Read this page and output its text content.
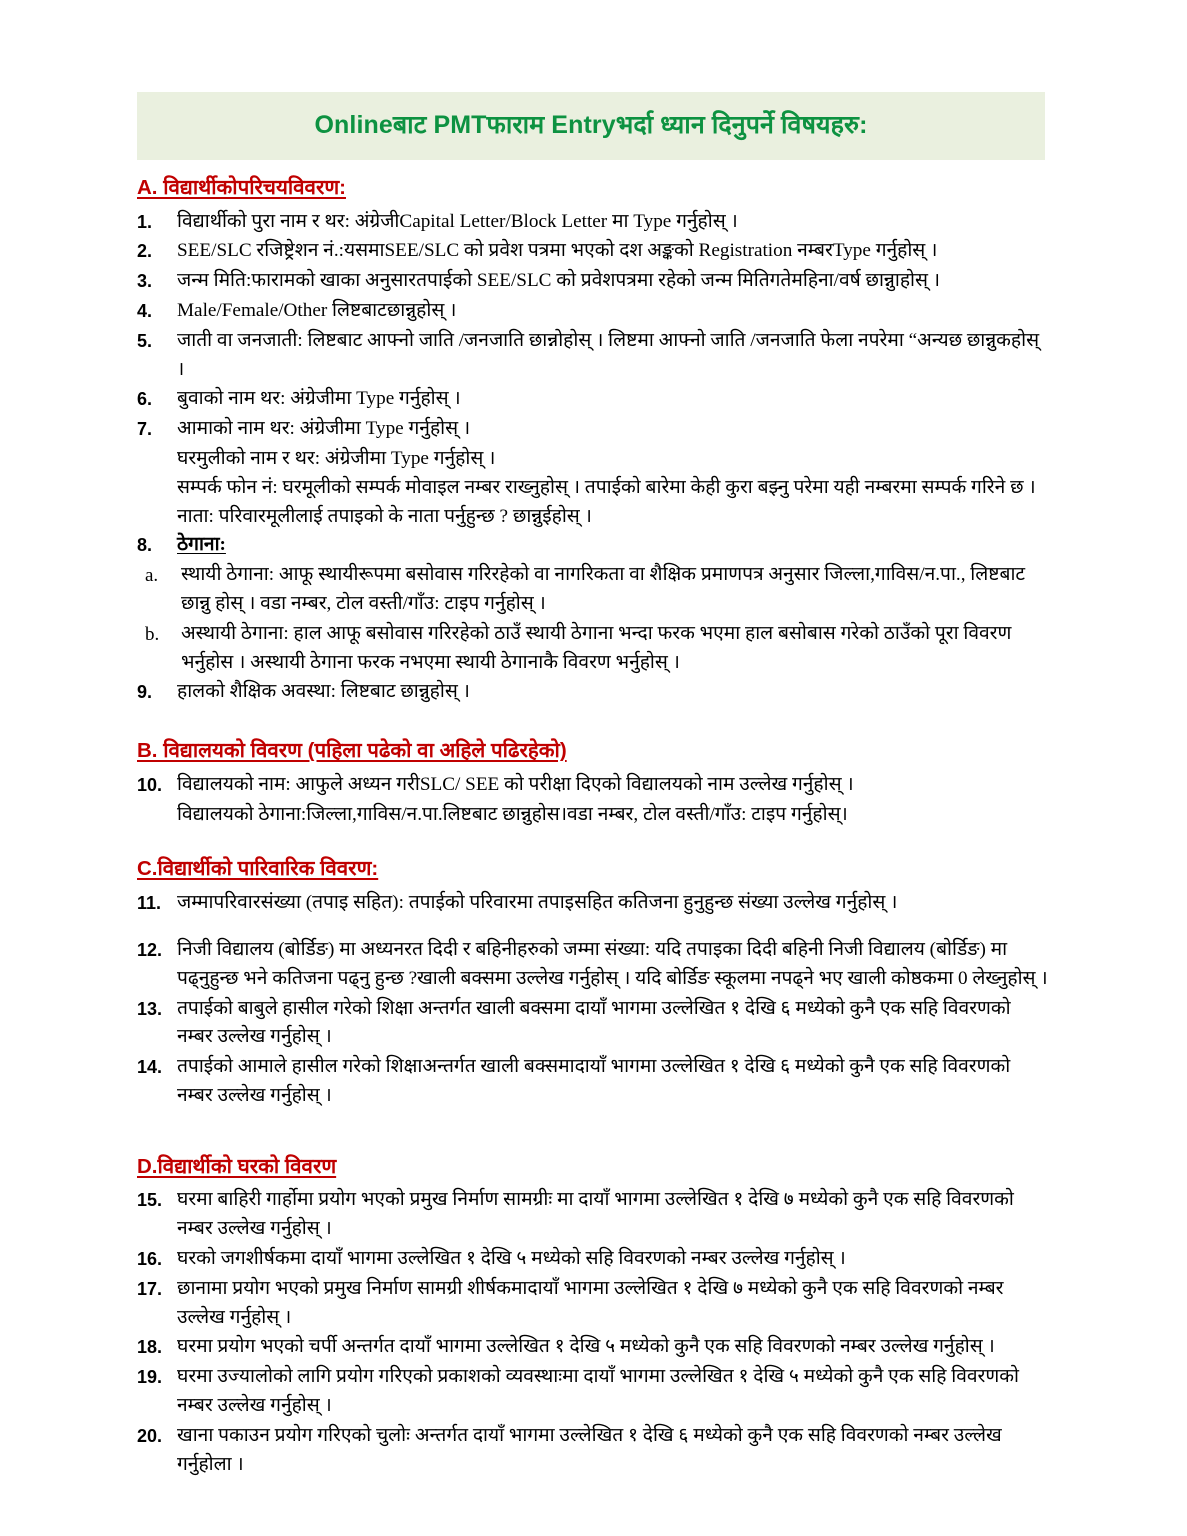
Onlineबाट PMTफाराम Entryभर्दा ध्यान दिनुपर्ने विषयहरु:
A. विद्यार्थीकोपरिचयविवरण:
1.	विद्यार्थीको पुरा नाम र थर: अंग्रेजीCapital Letter/Block Letter मा Type गर्नुहोस् ।
2.	SEE/SLC रजिष्ट्रेशन नं.:यसमाSEE/SLC को प्रवेश पत्रमा भएको दश अङ्कको Registration नम्बरType गर्नुहोस् ।
3.	जन्म मिति:फारामको खाका अनुसारतपाईको SEE/SLC को प्रवेशपत्रमा रहेको जन्म मितिगतेमहिना/वर्ष छान्नुाहोस् ।
4.	Male/Female/Other लिष्टबाटछान्नुहोस् ।
5.	जाती वा जनजाती: लिष्टबाट आफ्नो जाति /जनजाति छान्नोहोस् । लिष्टमा आफ्नो जाति /जनजाति फेला नपरेमा “अन्यछ छान्नुकहोस् ।
6.	बुवाको नाम थर: अंग्रेजीमा Type गर्नुहोस् ।
7.	आमाको नाम थर: अंग्रेजीमा Type गर्नुहोस् ।
घरमुलीको नाम र थर: अंग्रेजीमा Type गर्नुहोस् ।
सम्पर्क फोन नं: घरमूलीको सम्पर्क मोवाइल नम्बर राख्नुहोस् । तपाईको बारेमा केही कुरा बझ्नु परेमा यही नम्बरमा सम्पर्क गरिने छ ।
नाता: परिवारमूलीलाई तपाइको के नाता पर्नुहुन्छ ? छान्नुईहोस् ।
8.	ठेगाना:
a.	स्थायी ठेगाना: आफू स्थायीरूपमा बसोवास गरिरहेको वा नागरिकता वा शैक्षिक प्रमाणपत्र अनुसार जिल्ला,गाविस/न.पा., लिष्टबाट छान्नु होस् । वडा नम्बर, टोल वस्ती/गाँउ: टाइप गर्नुहोस् ।
b.	अस्थायी ठेगाना: हाल आफू बसोवास गरिरहेको ठाउँ स्थायी ठेगाना भन्दा फरक भएमा हाल बसोबास गरेको ठाउँको पूरा विवरण भर्नुहोस । अस्थायी ठेगाना फरक नभएमा स्थायी ठेगानाकै विवरण भर्नुहोस् ।
9.	हालको शैक्षिक अवस्था: लिष्टबाट छान्नुहोस् ।
B. विद्यालयको विवरण (पहिला पढेको वा अहिले पढिरहेको)
10. विद्यालयको नाम: आफुले अध्यन गरीSLC/ SEE को परीक्षा दिएको विद्यालयको नाम उल्लेख गर्नुहोस् ।
विद्यालयको ठेगाना:जिल्ला,गाविस/न.पा.लिष्टबाट छान्नुहोस।वडा नम्बर, टोल वस्ती/गाँउ: टाइप गर्नुहोस्।
C.विद्यार्थीको पारिवारिक विवरण:
11. जम्मापरिवारसंख्या (तपाइ सहित): तपाईको परिवारमा तपाइसहित कतिजना हुनुहुन्छ संख्या उल्लेख गर्नुहोस् ।
12. निजी विद्यालय (बोर्डिङ) मा अध्यनरत दिदी र बहिनीहरुको जम्मा संख्या: यदि तपाइका दिदी बहिनी निजी विद्यालय (बोर्डिङ) मा पढ्नुहुन्छ भने कतिजना पढ्नु हुन्छ ?खाली बक्समा उल्लेख गर्नुहोस् । यदि बोर्डिङ स्कूलमा नपढ्ने भए खाली कोष्ठकमा 0 लेख्नुहोस् ।
13. तपाईको बाबुले हासील गरेको शिक्षा अन्तर्गत खाली बक्समा दायाँ भागमा उल्लेखित १ देखि ६ मध्येको कुनै एक सहि विवरणको नम्बर उल्लेख गर्नुहोस् ।
14. तपाईको आमाले हासील गरेको शिक्षाअन्तर्गत खाली बक्समादायाँ भागमा उल्लेखित १ देखि ६ मध्येको कुनै एक सहि विवरणको नम्बर उल्लेख गर्नुहोस् ।
D.विद्यार्थीको घरको विवरण
15. घरमा बाहिरी गार्हाेमा प्रयोग भएको प्रमुख निर्माण सामग्रीः मा दायाँ भागमा उल्लेखित १ देखि ७ मध्येको कुनै एक सहि विवरणको नम्बर उल्लेख गर्नुहोस् ।
16. घरको जगशीर्षकमा दायाँ भागमा उल्लेखित १ देखि ५ मध्येको सहि विवरणको नम्बर उल्लेख गर्नुहोस् ।
17. छानामा प्रयोग भएको प्रमुख निर्माण सामग्री शीर्षकमादायाँ भागमा उल्लेखित १ देखि ७ मध्येको कुनै एक सहि विवरणको नम्बर उल्लेख गर्नुहोस् ।
18. घरमा प्रयोग भएको चर्पी अन्तर्गत दायाँ भागमा उल्लेखित १ देखि ५ मध्येको कुनै एक सहि विवरणको नम्बर उल्लेख गर्नुहोस् ।
19. घरमा उज्यालोको लागि प्रयोग गरिएको प्रकाशको व्यवस्थाःमा दायाँ भागमा उल्लेखित १ देखि ५ मध्येको कुनै एक सहि विवरणको नम्बर उल्लेख गर्नुहोस् ।
20. खाना पकाउन प्रयोग गरिएको चुलोः अन्तर्गत दायाँ भागमा उल्लेखित १ देखि ६ मध्येको कुनै एक सहि विवरणको नम्बर उल्लेख गर्नुहोला ।
